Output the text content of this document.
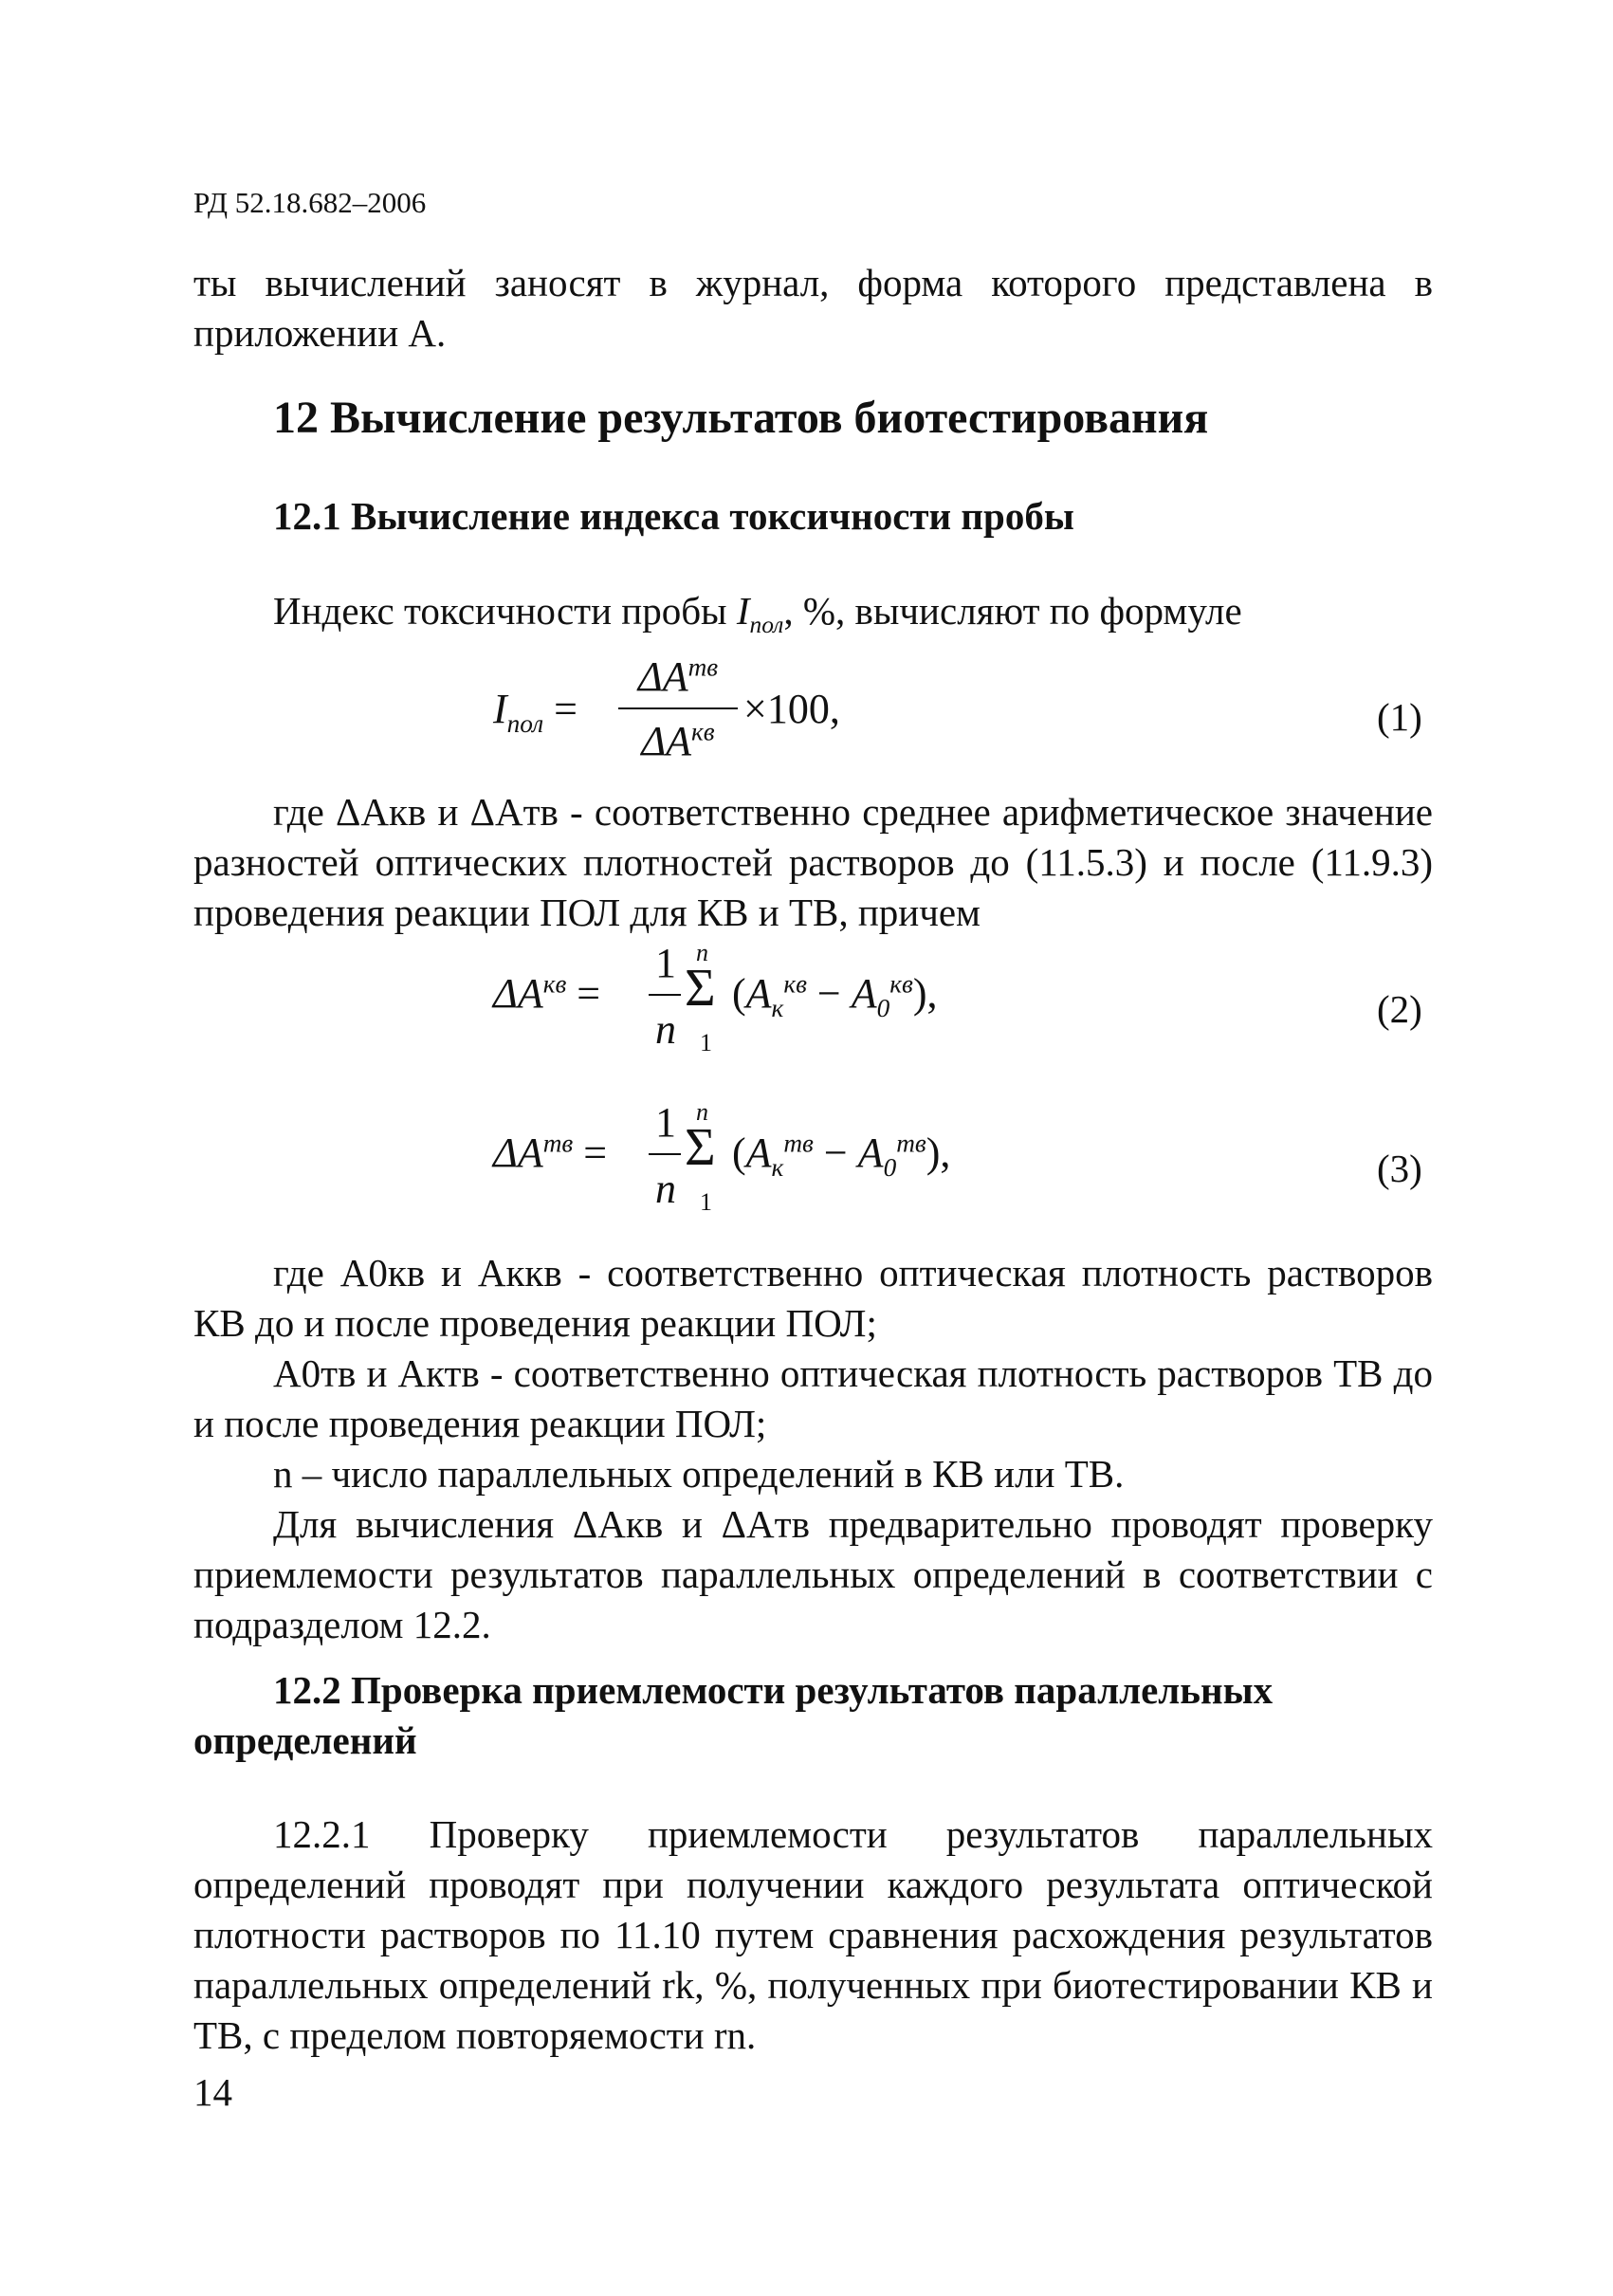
РД 52.18.682–2006

ты вычислений заносят в журнал, форма которого представлена в приложении А.

12 Вычисление результатов биотестирования
12.1 Вычисление индекса токсичности пробы

Индекс токсичности пробы $I_{пол}$, %, вычисляют по формуле

$I_{пол}$ =
$\Delta A^{тв}$
$\Delta A^{кв} \times 100$,	(1)

где ΔAкв и ΔAтв - соответственно среднее арифметическое значение разностей оптических плотностей растворов до (11.5.3) и после (11.9.3) проведения реакции ПОЛ для КВ и ТВ, причем

$\Delta A^{кв}$ =
1
n
n
Σ
1
$(A_к^{кв} - A_0^{кв})$,	(2)
$\Delta A^{тв}$ =
1
n
n
Σ
1
$(A_к^{тв} - A_0^{тв})$,	(3)

где A0кв и Aккв - соответственно оптическая плотность растворов КВ до и после проведения реакции ПОЛ;

A0тв и Aктв - соответственно оптическая плотность растворов ТВ до и после проведения реакции ПОЛ;

n – число параллельных определений в КВ или ТВ.

Для вычисления ΔAкв и ΔAтв предварительно проводят проверку приемлемости результатов параллельных определений в соответствии с подразделом 12.2.

12.2 Проверка приемлемости результатов параллельных определений

12.2.1 Проверку приемлемости результатов параллельных определений проводят при получении каждого результата оптической плотности растворов по 11.10 путем сравнения расхождения результатов параллельных определений rk, %, полученных при биотестировании КВ и ТВ, с пределом повторяемости rn.

14
